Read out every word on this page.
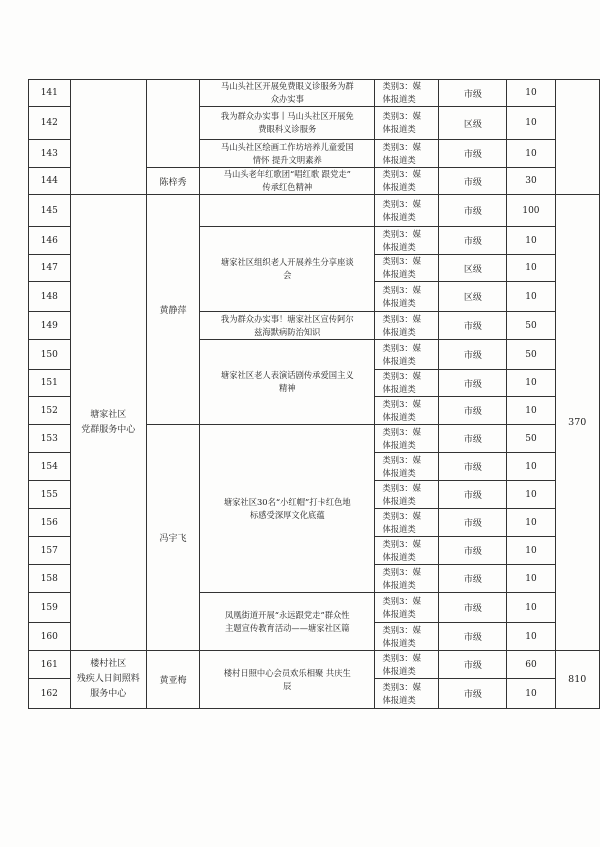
141			马山头社区开展免费眼义诊服务为群
众办实事	类别3：媒
体报道类	市级	10	
142			我为群众办实事丨马山头社区开展免
费眼科义诊服务	类别3：媒
体报道类	区级	10	
143			马山头社区绘画工作坊培养儿童爱国
情怀 提升文明素养	类别3：媒
体报道类	市级	10	
144		陈梓秀	马山头老年红歌团“唱红歌 跟党走”
传承红色精神	类别3：媒
体报道类	市级	30	
145	塘家社区
党群服务中心	黄静萍		类别3：媒
体报道类	市级	100	370
146			塘家社区组织老人开展养生分享座谈
会	类别3：媒
体报道类	市级	10	
147				类别3：媒
体报道类	区级	10	
148				类别3：媒
体报道类	区级	10	
149			我为群众办实事！塘家社区宣传阿尔
兹海默病防治知识	类别3：媒
体报道类	市级	50	
150			塘家社区老人表演话剧传承爱国主义
精神	类别3：媒
体报道类	市级	50	
151				类别3：媒
体报道类	市级	10	
152				类别3：媒
体报道类	市级	10	
153		冯宇飞	塘家社区30名“小红帽”打卡红色地
标感受深厚文化底蕴	类别3：媒
体报道类	市级	50	
154				类别3：媒
体报道类	市级	10	
155				类别3：媒
体报道类	市级	10	
156				类别3：媒
体报道类	市级	10	
157				类别3：媒
体报道类	市级	10	
158				类别3：媒
体报道类	市级	10	
159			凤凰街道开展“永远跟党走”群众性
主题宣传教育活动——塘家社区篇	类别3：媒
体报道类	市级	10	
160				类别3：媒
体报道类	市级	10	
161	楼村社区
残疾人日间照料
服务中心	黄亚梅	楼村日照中心会员欢乐相聚 共庆生
辰	类别3：媒
体报道类	市级	60	810
162				类别3：媒
体报道类	市级	10	
